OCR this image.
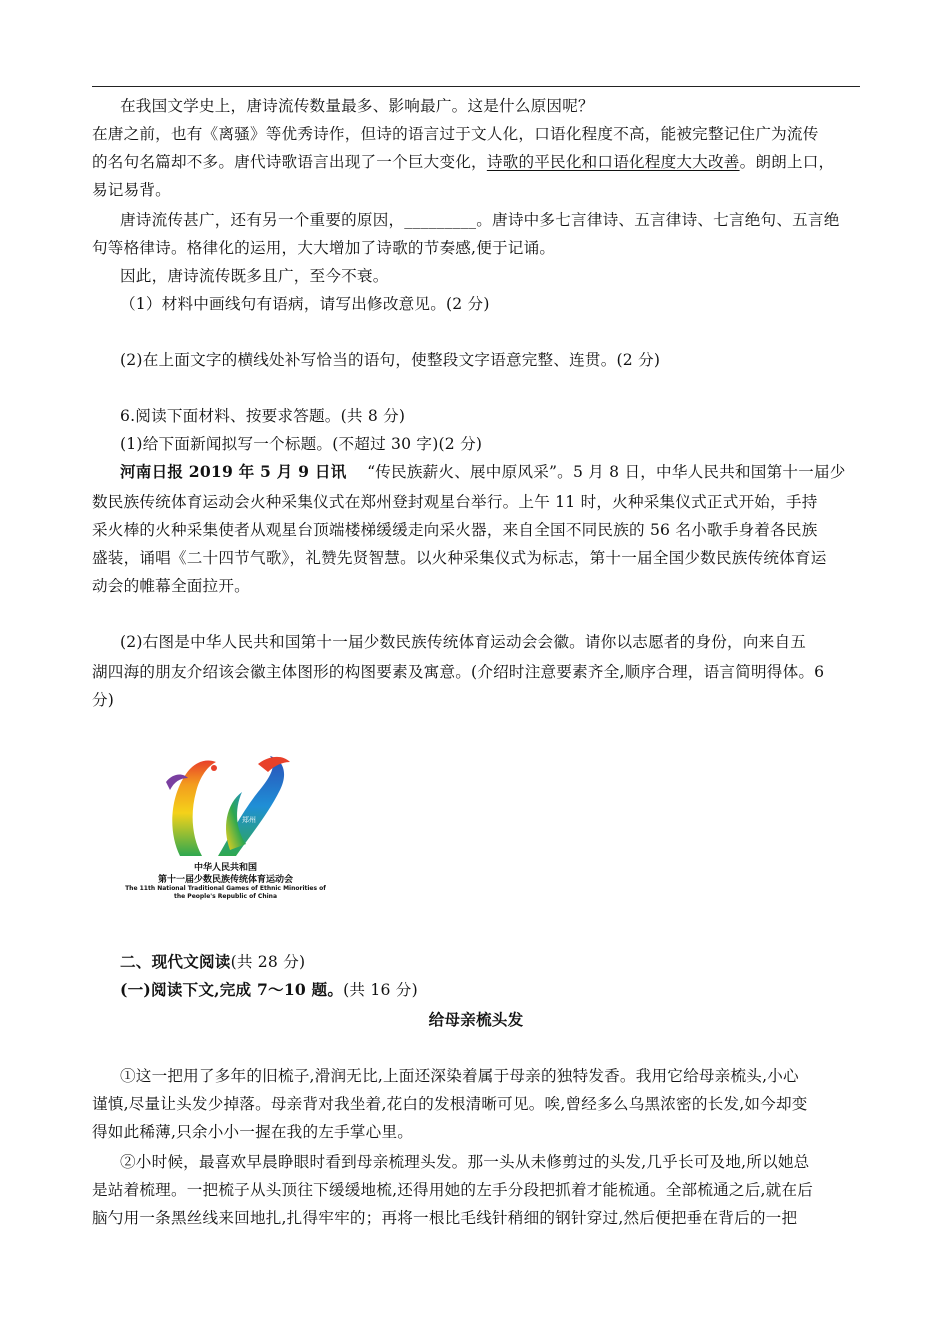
在我国文学史上，唐诗流传数量最多、影响最广。这是什么原因呢？
在唐之前，也有《离骚》等优秀诗作，但诗的语言过于文人化，口语化程度不高，能被完整记住广为流传
的名句名篇却不多。唐代诗歌语言出现了一个巨大变化，诗歌的平民化和口语化程度大大改善。朗朗上口，
易记易背。
唐诗流传甚广，还有另一个重要的原因，_________。唐诗中多七言律诗、五言律诗、七言绝句、五言绝
句等格律诗。格律化的运用，大大增加了诗歌的节奏感,便于记诵。
因此，唐诗流传既多且广，至今不衰。
（1）材料中画线句有语病，请写出修改意见。(2 分)
(2)在上面文字的横线处补写恰当的语句，使整段文字语意完整、连贯。(2 分)
6.阅读下面材料、按要求答题。(共 8 分)
(1)给下面新闻拟写一个标题。(不超过 30 字)(2 分)
河南日报 2019 年 5 月 9 日讯 “传民族薪火、展中原风采”。5 月 8 日，中华人民共和国第十一届少
数民族传统体育运动会火种采集仪式在郑州登封观星台举行。上午 11 时，火种采集仪式正式开始，手持
采火棒的火种采集使者从观星台顶端楼梯缓缓走向采火器，来自全国不同民族的 56 名小歌手身着各民族
盛装，诵唱《二十四节气歌》，礼赞先贤智慧。以火种采集仪式为标志，第十一届全国少数民族传统体育运
动会的帷幕全面拉开。
(2)右图是中华人民共和国第十一届少数民族传统体育运动会会徽。请你以志愿者的身份，向来自五
湖四海的朋友介绍该会徽主体图形的构图要素及寓意。(介绍时注意要素齐全,顺序合理，语言简明得体。6
分)
2019
郑州
中华人民共和国
第十一届少数民族传统体育运动会
The 11th National Traditional Games of Ethnic Minorities of
the People's Republic of China
二、现代文阅读(共 28 分)
(一)阅读下文,完成 7～10 题。(共 16 分)
给母亲梳头发
①这一把用了多年的旧梳子,滑润无比,上面还深染着属于母亲的独特发香。我用它给母亲梳头,小心
谨慎,尽量让头发少掉落。母亲背对我坐着,花白的发根清晰可见。唉,曾经多么乌黑浓密的长发,如今却变
得如此稀薄,只余小小一握在我的左手掌心里。
②小时候，最喜欢早晨睁眼时看到母亲梳理头发。那一头从未修剪过的头发,几乎长可及地,所以她总
是站着梳理。一把梳子从头顶往下缓缓地梳,还得用她的左手分段把抓着才能梳通。全部梳通之后,就在后
脑勺用一条黑丝线来回地扎,扎得牢牢的；再将一根比毛线针稍细的钢针穿过,然后便把垂在背后的一把
